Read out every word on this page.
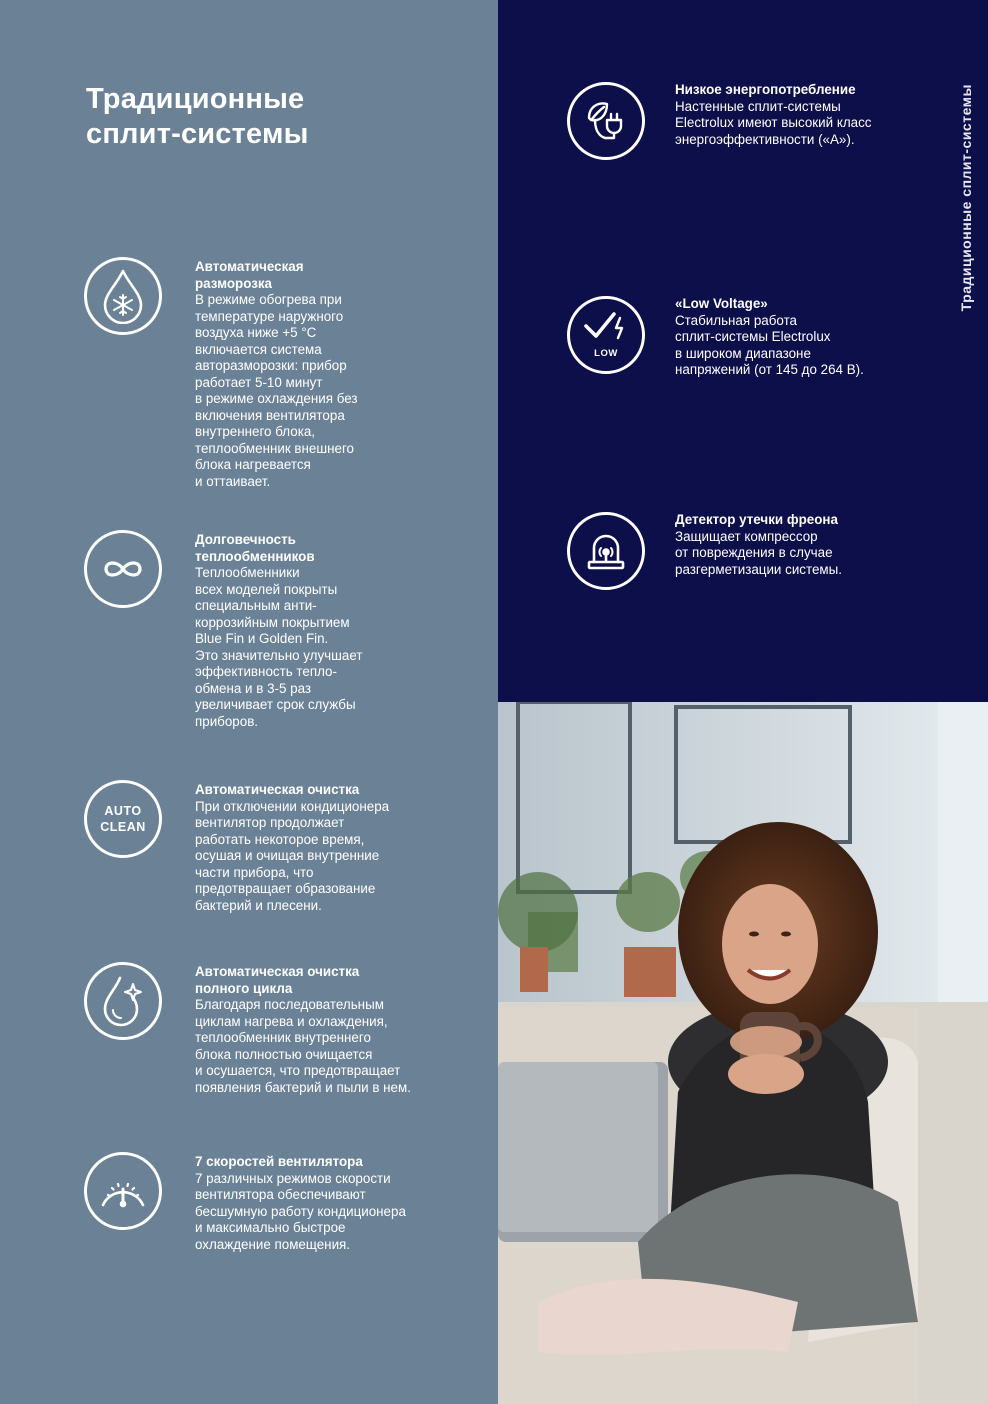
Традиционные
сплит-системы	Традиционные сплит-системы
Автоматическая
разморозка
В режиме обогрева при
температуре наружного
воздуха ниже +5 °С
включается система
авторазморозки: прибор
работает 5-10 минут
в режиме охлаждения без
включения вентилятора
внутреннего блока,
теплообменник внешнего
блока нагревается
и оттаивает.
Долговечность
теплообменников
Теплообменники
всех моделей покрыты
специальным анти-
коррозийным покрытием
Blue Fin и Golden Fin.
Это значительно улучшает
эффективность тепло-
обмена и в 3-5 раз
увеличивает срок службы
приборов.
AUTO
CLEAN
Автоматическая очистка
При отключении кондиционера
вентилятор продолжает
работать некоторое время,
осушая и очищая внутренние
части прибора, что
предотвращает образование
бактерий и плесени.
Автоматическая очистка
полного цикла
Благодаря последовательным
циклам нагрева и охлаждения,
теплообменник внутреннего
блока полностью очищается
и осушается, что предотвращает
появления бактерий и пыли в нем.
7 скоростей вентилятора
7 различных режимов скорости
вентилятора обеспечивают
бесшумную работу кондиционера
и максимально быстрое
охлаждение помещения.
Низкое энергопотребление
Настенные сплит-системы
Electrolux имеют высокий класс
энергоэффективности («А»).
LOW
«Low Voltage»
Стабильная работа
сплит-системы Electrolux
в широком диапазоне
напряжений (от 145 до 264 В).
Детектор утечки фреона
Защищает компрессор
от повреждения в случае
разгерметизации системы.
